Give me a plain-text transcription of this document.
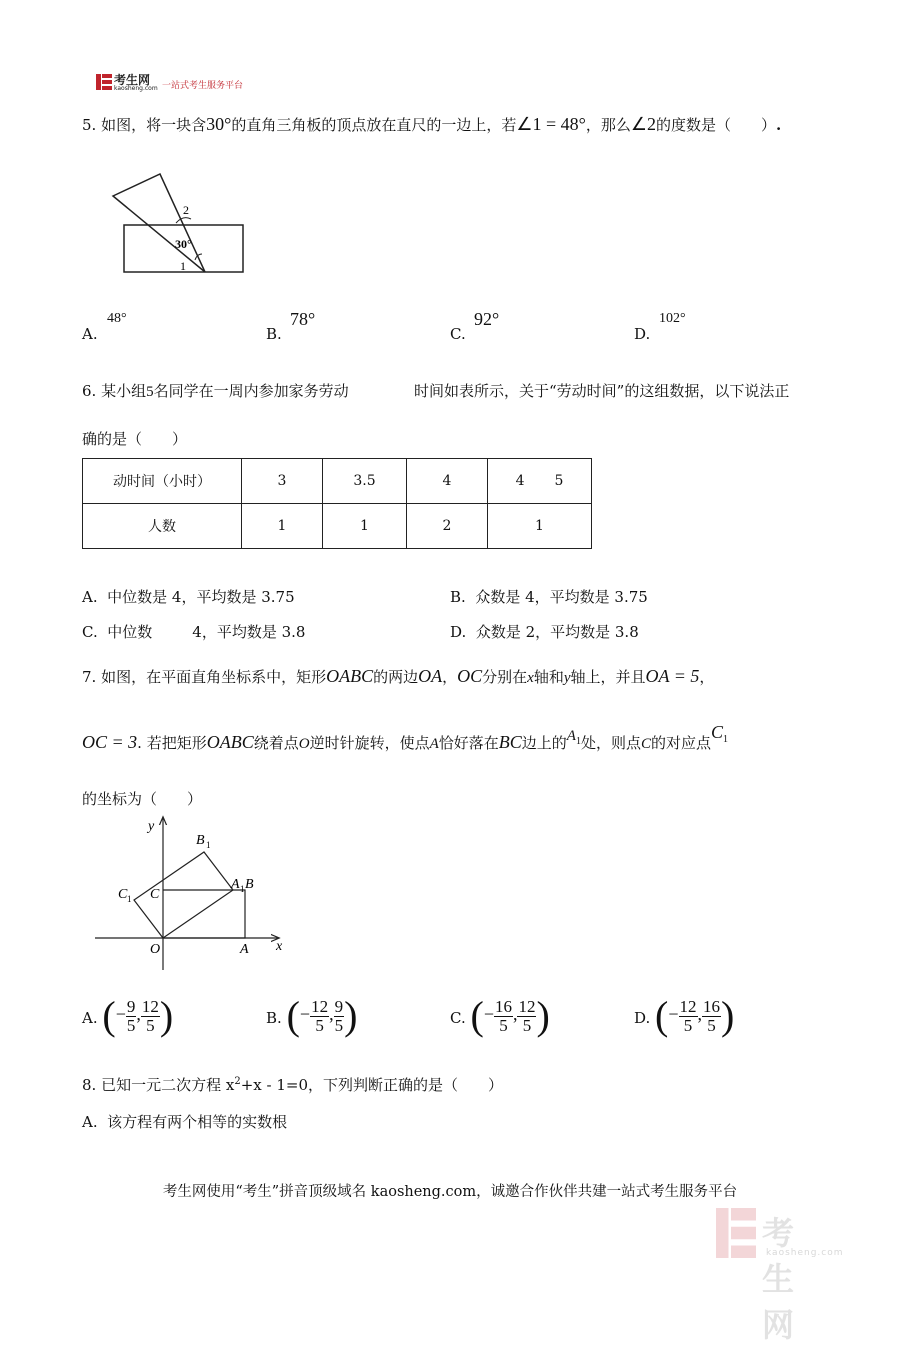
考生网
kaosheng.com 一站式考生服务平台
5. 如图，将一块含30°的直角三角板的顶点放在直尺的一边上，若∠1 = 48°，那么∠2的度数是（　　）.
2
30°
1
A.
48°
B.
78°
C.
92°
D.
102°
6. 某小组5名同学在一周内参加家务劳动	时间如表所示，关于“劳动时间”的这组数据，以下说法正
确的是（　　）
动时间（小时）	3	3.5	4	4 5
人数	1	1	2	1
A. 中位数是 4，平均数是 3.75	B. 众数是 4，平均数是 3.75
C. 中位数	4，平均数是 3.8	D. 众数是 2，平均数是 3.8
7. 如图，在平面直角坐标系中，矩形OABC的两边OA，OC分别在x轴和y轴上，并且OA = 5，
OC = 3. 若把矩形OABC绕着点O逆时针旋转，使点A恰好落在BC边上的$A^1$处，则点C的对应点$C^1$
的坐标为（　　）
y
x
B 1
A 1 B
C 1 C
O	A
A. (− $\frac{9}{5}$ , $\frac{12}{5}$ )	B. (− $\frac{12}{5}$ , $\frac{9}{5}$ )	C. (− $\frac{16}{5}$ , $\frac{12}{5}$ )	D. (− $\frac{12}{5}$ , $\frac{16}{5}$ )
8. 已知一元二次方程 $x^2+x - 1=0$，下列判断正确的是（　　）
A. 该方程有两个相等的实数根
考生网使用“考生”拼音顶级域名 kaosheng.com，诚邀合作伙伴共建一站式考生服务平台
考生网
kaosheng.com
